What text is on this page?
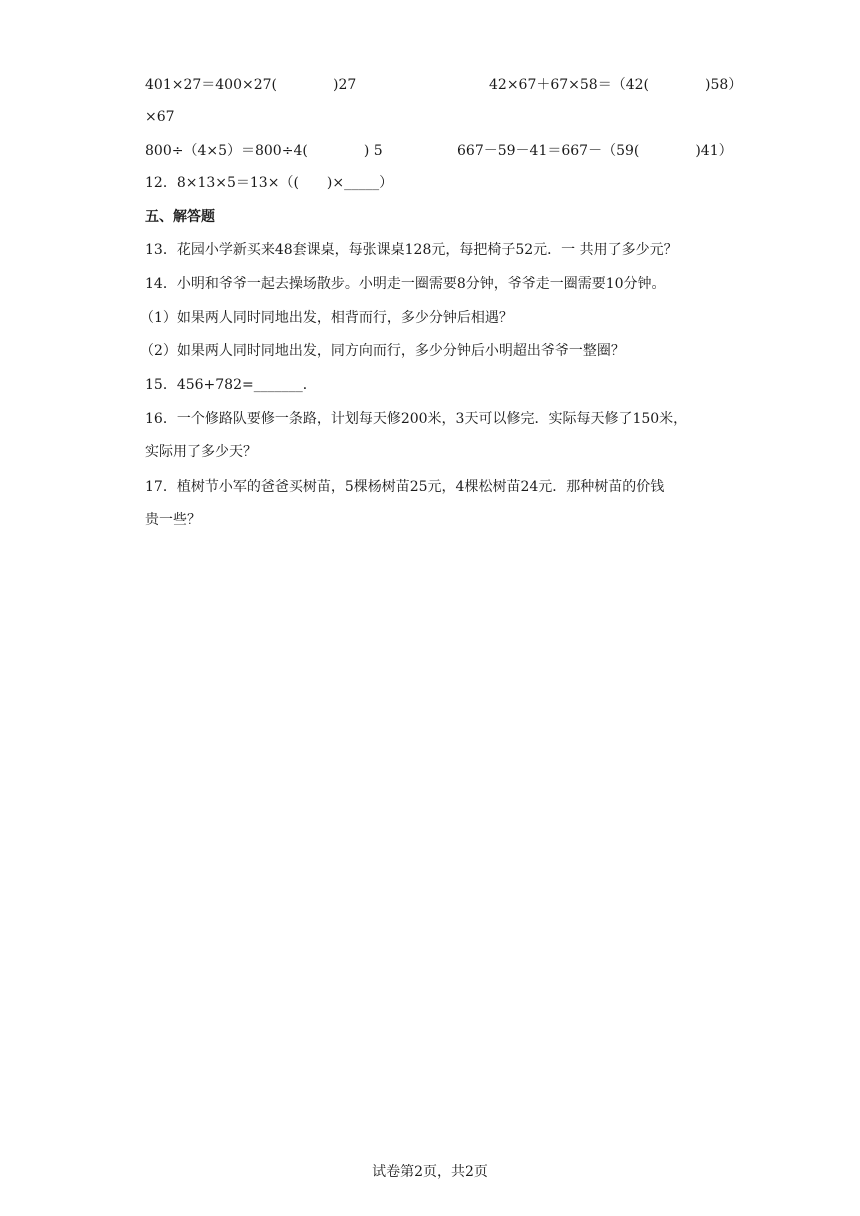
401×27＝400×27(　　　　)27	42×67＋67×58＝（42(　　　　)58）
×67
800÷（4×5）＝800÷4(　　　　) 5	667－59－41＝667－（59(　　　　)41）
12．8×13×5＝13×（(　　)×_____）
五、解答题
13．花园小学新买来48套课桌，每张课桌128元，每把椅子52元．一 共用了多少元？
14．小明和爷爷一起去操场散步。小明走一圈需要8分钟，爷爷走一圈需要10分钟。
（1）如果两人同时同地出发，相背而行，多少分钟后相遇？
（2）如果两人同时同地出发，同方向而行，多少分钟后小明超出爷爷一整圈？
15．456+782=_______．
16．一个修路队要修一条路，计划每天修200米，3天可以修完．实际每天修了150米，
实际用了多少天？
17．植树节小军的爸爸买树苗，5棵杨树苗25元，4棵松树苗24元．那种树苗的价钱
贵一些？
试卷第2页，共2页
